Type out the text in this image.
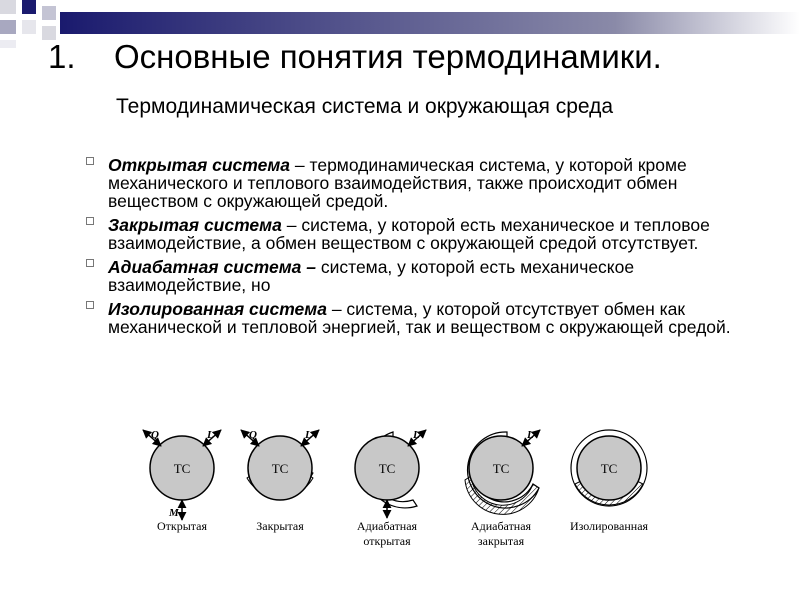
1. Основные понятия термодинамики.
Термодинамическая система и окружающая среда
Открытая система – термодинамическая система, у которой кроме механического и теплового взаимодействия, также происходит обмен веществом с окружающей средой.
Закрытая система – система, у которой есть механическое и тепловое взаимодействие, а обмен веществом с окружающей средой отсутствует.
Адиабатная система – система, у которой есть механическое взаимодействие, но
Изолированная система – система, у которой отсутствует обмен как механической и тепловой энергией, так и веществом с окружающей средой.
ТС
Q	L
M
Открытая
ТС
Q	L
Закрытая
ТС
L
Адиабатная
открытая
ТС
L
Адиабатная
закрытая
ТС
Изолированная
